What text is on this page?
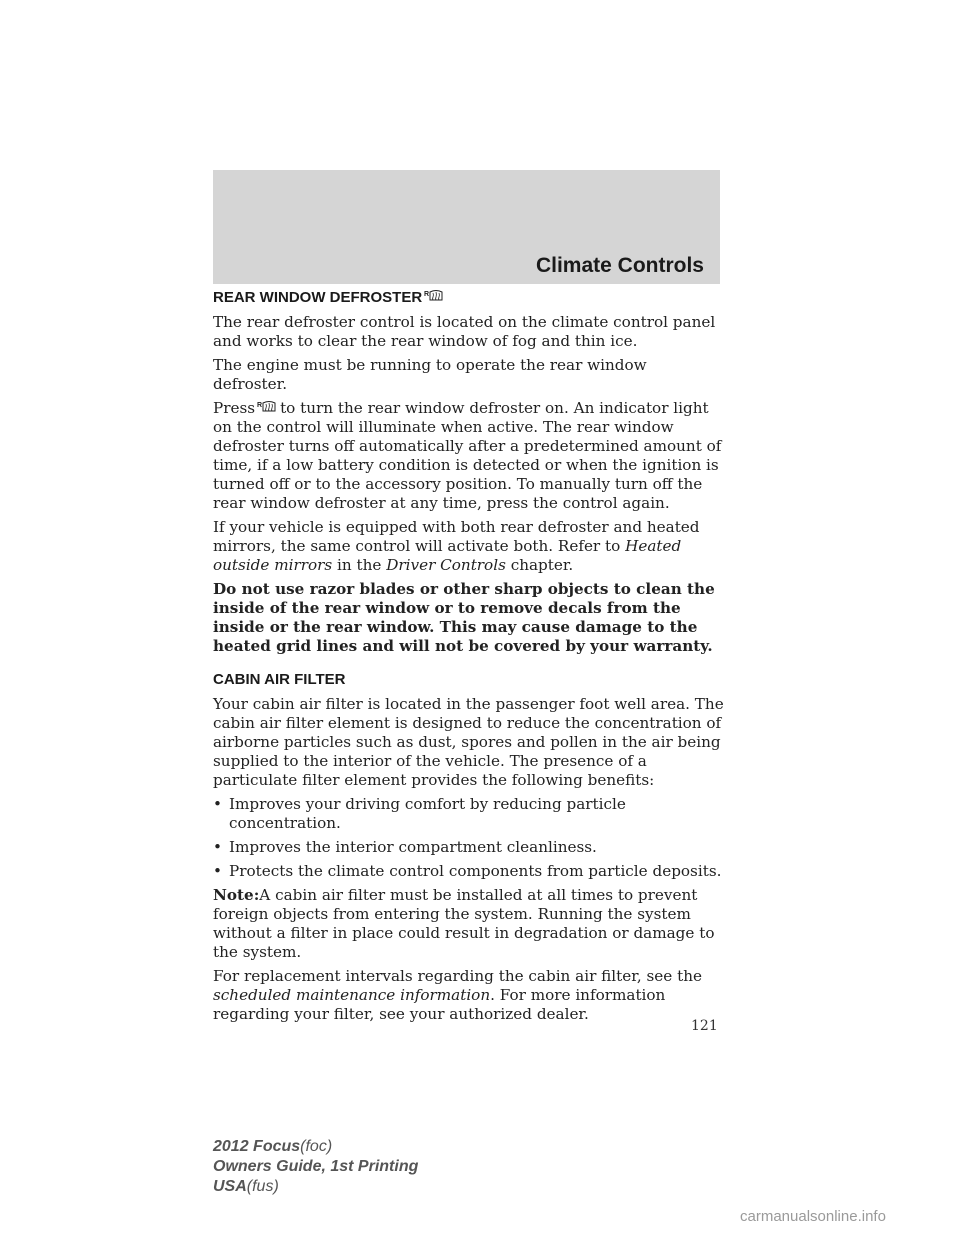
Climate Controls
REAR WINDOW DEFROSTER R

The rear defroster control is located on the climate control panel and works to clear the rear window of fog and thin ice.

The engine must be running to operate the rear window defroster.

Press R to turn the rear window defroster on. An indicator light on the control will illuminate when active. The rear window defroster turns off automatically after a predetermined amount of time, if a low battery condition is detected or when the ignition is turned off or to the accessory position. To manually turn off the rear window defroster at any time, press the control again.

If your vehicle is equipped with both rear defroster and heated mirrors, the same control will activate both. Refer to Heated outside mirrors in the Driver Controls chapter.

Do not use razor blades or other sharp objects to clean the inside of the rear window or to remove decals from the inside or the rear window. This may cause damage to the heated grid lines and will not be covered by your warranty.

CABIN AIR FILTER

Your cabin air filter is located in the passenger foot well area. The cabin air filter element is designed to reduce the concentration of airborne particles such as dust, spores and pollen in the air being supplied to the interior of the vehicle. The presence of a particulate filter element provides the following benefits:

• Improves your driving comfort by reducing particle concentration.
• Improves the interior compartment cleanliness.
• Protects the climate control components from particle deposits.

Note:A cabin air filter must be installed at all times to prevent foreign objects from entering the system. Running the system without a filter in place could result in degradation or damage to the system.

For replacement intervals regarding the cabin air filter, see the scheduled maintenance information. For more information regarding your filter, see your authorized dealer.

121
2012 Focus(foc)
Owners Guide, 1st Printing
USA(fus)
carmanualsonline.info
